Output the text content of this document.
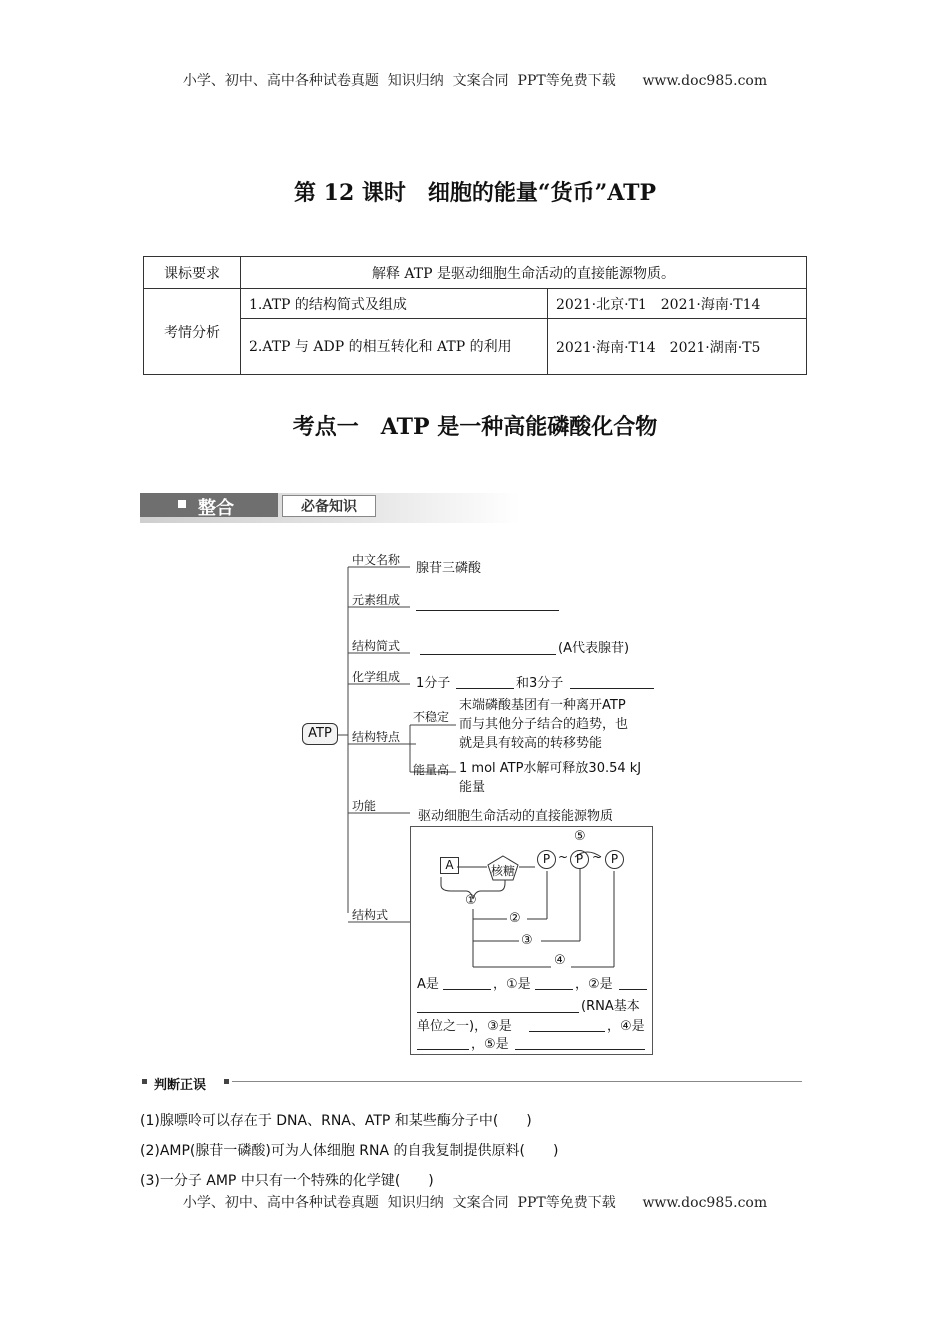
小学、初中、高中各种试卷真题  知识归纳  文案合同  PPT等免费下载      www.doc985.com
第 12 课时　细胞的能量“货币”ATP
课标要求	解释 ATP 是驱动细胞生命活动的直接能源物质。	
考情分析	1.ATP 的结构简式及组成	2021·北京·T1　2021·海南·T14
	2.ATP 与 ADP 的相互转化和 ATP 的利用	2021·海南·T14　2021·湖南·T5
考点一　ATP 是一种高能磷酸化合物
整合	必备知识
ATP
中文名称
腺苷三磷酸
元素组成
结构简式	(A代表腺苷)
化学组成 1分子	和3分子
结构特点
不稳定
末端磷酸基团有一种离开ATP
而与其他分子结合的趋势，也
就是具有较高的转移势能
能量高 1 mol ATP水解可释放30.54 kJ
能量
功能
驱动细胞生命活动的直接能源物质
结构式
A	核糖
P ~ P ~ P
⑤
①
②
③
④
A是	，①是	，②是
(RNA基本
单位之一)，③是	，④是
，⑤是
判断正误
(1)腺嘌呤可以存在于 DNA、RNA、ATP 和某些酶分子中(　　)
(2)AMP(腺苷一磷酸)可为人体细胞 RNA 的自我复制提供原料(　　)
(3)一分子 AMP 中只有一个特殊的化学键(　　)
小学、初中、高中各种试卷真题  知识归纳  文案合同  PPT等免费下载      www.doc985.com
